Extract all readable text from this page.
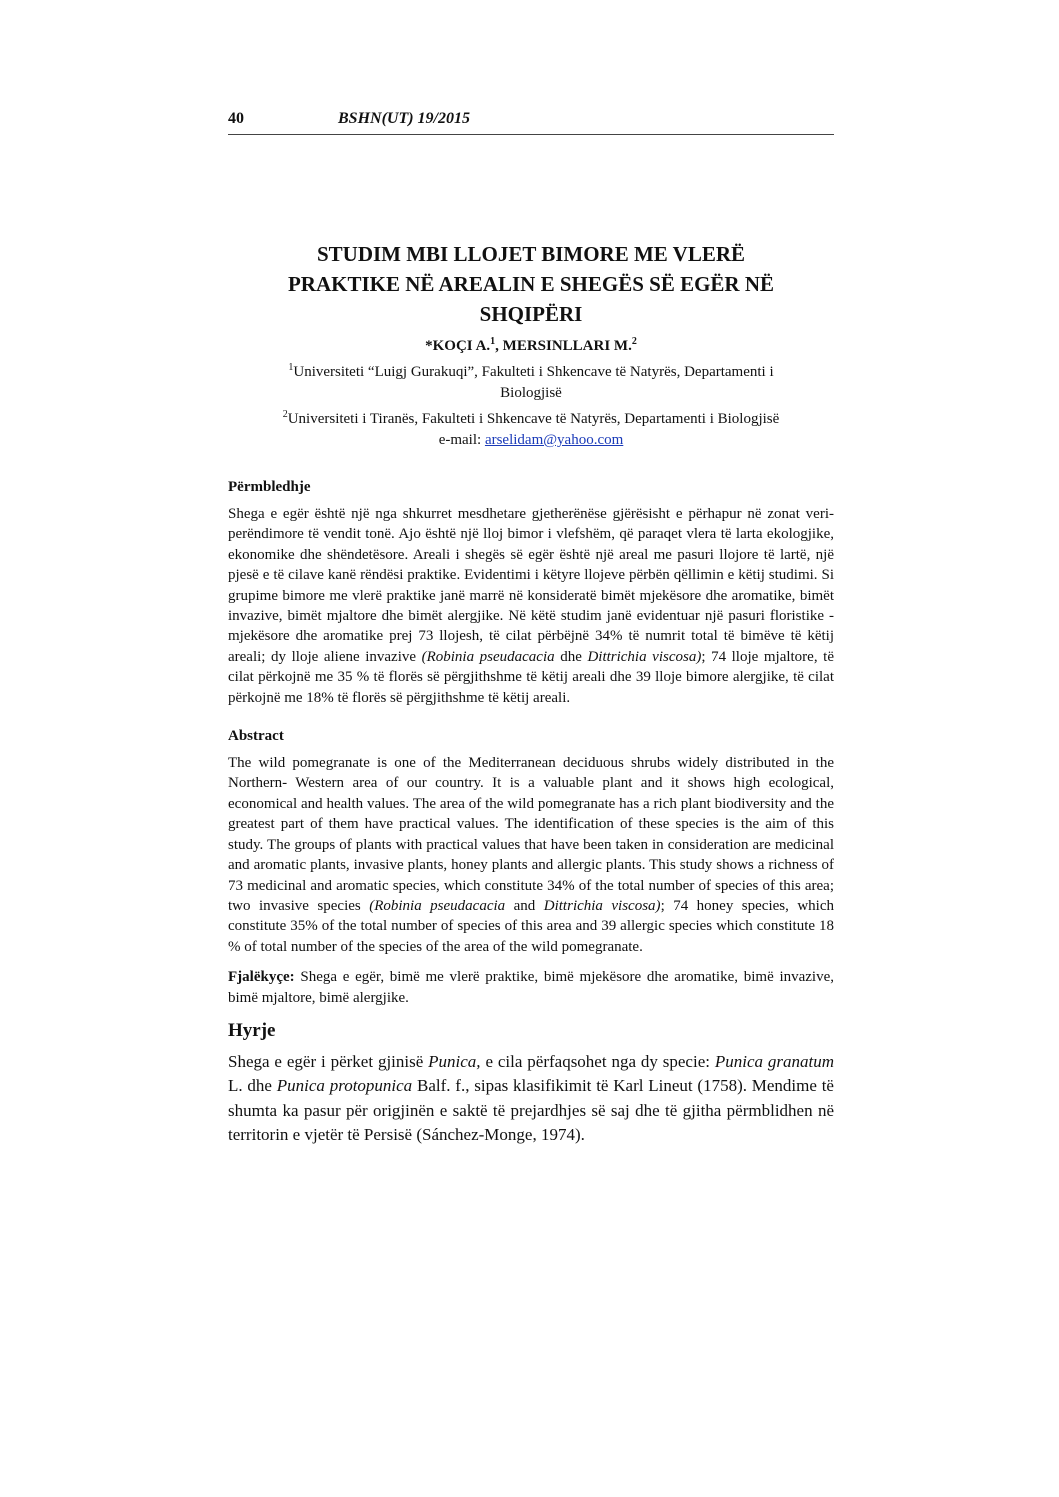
40	BSHN(UT) 19/2015
STUDIM MBI LLOJET BIMORE ME VLERË
PRAKTIKE NË AREALIN E SHEGËS SË EGËR NË
SHQIPËRI
*KOÇI A.$^1$, MERSINLLARI M.$^2$
$^1$Universiteti “Luigj Gurakuqi”, Fakulteti i Shkencave të Natyrës, Departamenti i
Biologjisë
$^2$Universiteti i Tiranës, Fakulteti i Shkencave të Natyrës, Departamenti i Biologjisë
e-mail: arselidam@yahoo.com
Përmbledhje
Shega e egër është një nga shkurret mesdhetare gjetherënëse gjërësisht e përhapur në zonat veri-perëndimore të vendit tonë. Ajo është një lloj bimor i vlefshëm, që paraqet vlera të larta ekologjike, ekonomike dhe shëndetësore. Areali i shegës së egër është një areal me pasuri llojore të lartë, një pjesë e të cilave kanë rëndësi praktike. Evidentimi i këtyre llojeve përbën qëllimin e këtij studimi. Si grupime bimore me vlerë praktike janë marrë në konsideratë bimët mjekësore dhe aromatike, bimët invazive, bimët mjaltore dhe bimët alergjike. Në këtë studim janë evidentuar një pasuri floristike - mjekësore dhe aromatike prej 73 llojesh, të cilat përbëjnë 34% të numrit total të bimëve të këtij areali; dy lloje aliene invazive (Robinia pseudacacia dhe Dittrichia viscosa); 74 lloje mjaltore, të cilat përkojnë me 35 % të florës së përgjithshme të këtij areali dhe 39 lloje bimore alergjike, të cilat përkojnë me 18% të florës së përgjithshme të këtij areali.
Abstract
The wild pomegranate is one of the Mediterranean deciduous shrubs widely distributed in the Northern- Western area of our country. It is a valuable plant and it shows high ecological, economical and health values. The area of the wild pomegranate has a rich plant biodiversity and the greatest part of them have practical values. The identification of these species is the aim of this study. The groups of plants with practical values that have been taken in consideration are medicinal and aromatic plants, invasive plants, honey plants and allergic plants. This study shows a richness of 73 medicinal and aromatic species, which constitute 34% of the total number of species of this area; two invasive species (Robinia pseudacacia and Dittrichia viscosa); 74 honey species, which constitute 35% of the total number of species of this area and 39 allergic species which constitute 18 % of total number of the species of the area of the wild pomegranate.
Fjalëkyçe: Shega e egër, bimë me vlerë praktike, bimë mjekësore dhe aromatike, bimë invazive, bimë mjaltore, bimë alergjike.
Hyrje
Shega e egër i përket gjinisë Punica, e cila përfaqsohet nga dy specie: Punica granatum L. dhe Punica protopunica Balf. f., sipas klasifikimit të Karl Lineut (1758). Mendime të shumta ka pasur për origjinën e saktë të prejardhjes së saj dhe të gjitha përmblidhen në territorin e vjetër të Persisë (Sánchez-Monge, 1974).
